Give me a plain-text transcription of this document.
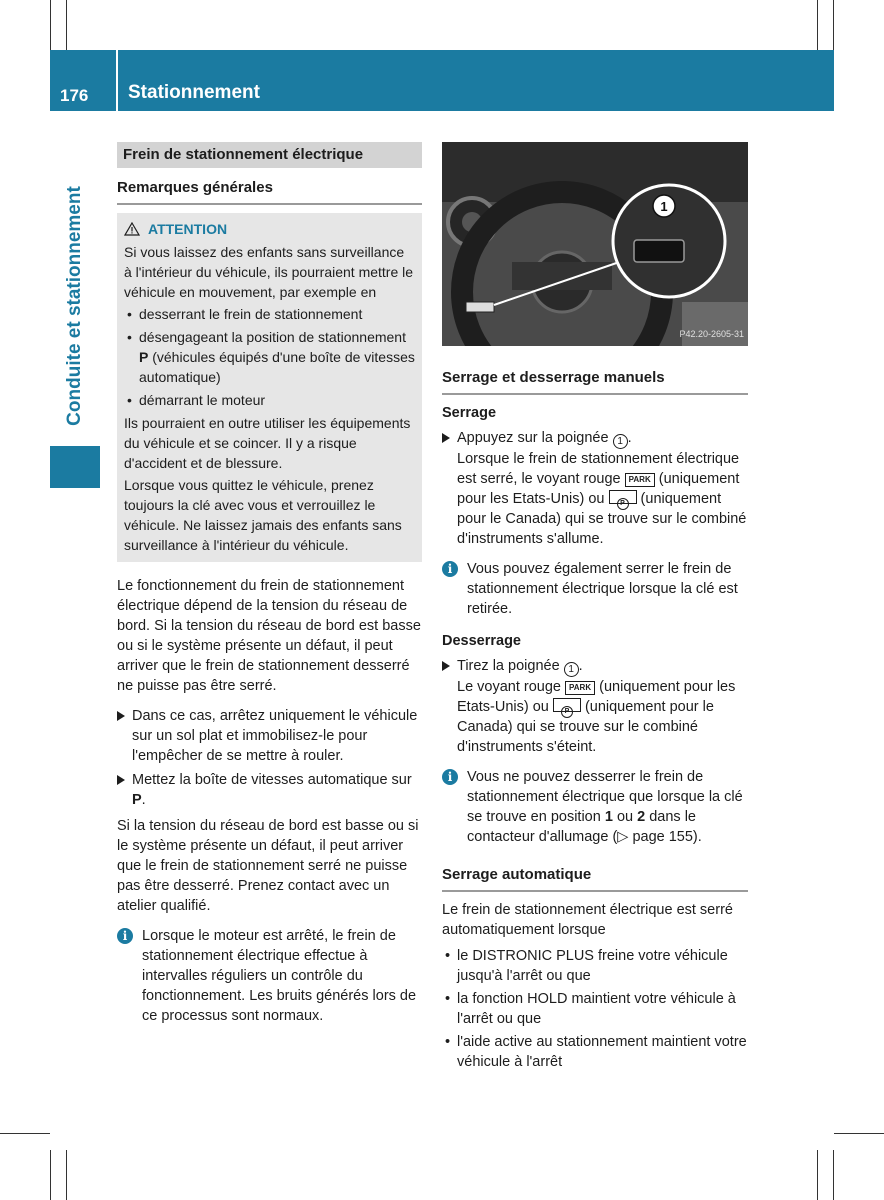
176 Stationnement
Conduite et stationnement
Frein de stationnement électrique
Remarques générales
ATTENTION

Si vous laissez des enfants sans surveillance à l'intérieur du véhicule, ils pourraient mettre le véhicule en mouvement, par exemple en

• desserrant le frein de stationnement
• désengageant la position de stationnement
P (véhicules équipés d'une boîte de vitesses automatique)
• démarrant le moteur

Ils pourraient en outre utiliser les équipements du véhicule et se coincer. Il y a risque d'accident et de blessure.

Lorsque vous quittez le véhicule, prenez toujours la clé avec vous et verrouillez le véhicule. Ne laissez jamais des enfants sans surveillance à l'intérieur du véhicule.

Le fonctionnement du frein de stationnement électrique dépend de la tension du réseau de bord. Si la tension du réseau de bord est basse ou si le système présente un défaut, il peut arriver que le frein de stationnement desserré ne puisse pas être serré.

Dans ce cas, arrêtez uniquement le véhicule sur un sol plat et immobilisez-le pour l'empêcher de se mettre à rouler.
Mettez la boîte de vitesses automatique sur P.

Si la tension du réseau de bord est basse ou si le système présente un défaut, il peut arriver que le frein de stationnement serré ne puisse pas être desserré. Prenez contact avec un atelier qualifié.

i	Lorsque le moteur est arrêté, le frein de stationnement électrique effectue à intervalles réguliers un contrôle du fonctionnement. Les bruits générés lors de ce processus sont normaux.
1
P42.20-2605-31
Serrage et desserrage manuels
Serrage
Appuyez sur la poignée 1 .
Lorsque le frein de stationnement électrique est serré, le voyant rouge PARK (uniquement pour les Etats-Unis) ou P (uniquement pour le Canada) qui se trouve sur le combiné d'instruments s'allume.
i	Vous pouvez également serrer le frein de stationnement électrique lorsque la clé est retirée.
Desserrage
Tirez la poignée 1 .
Le voyant rouge PARK (uniquement pour les Etats-Unis) ou P (uniquement pour le Canada) qui se trouve sur le combiné d'instruments s'éteint.
i	Vous ne pouvez desserrer le frein de stationnement électrique que lorsque la clé se trouve en position 1 ou 2 dans le contacteur d'allumage (▷ page 155).
Serrage automatique

Le frein de stationnement électrique est serré automatiquement lorsque

• le DISTRONIC PLUS freine votre véhicule jusqu'à l'arrêt ou que
• la fonction HOLD maintient votre véhicule à l'arrêt ou que
• l'aide active au stationnement maintient votre véhicule à l'arrêt
